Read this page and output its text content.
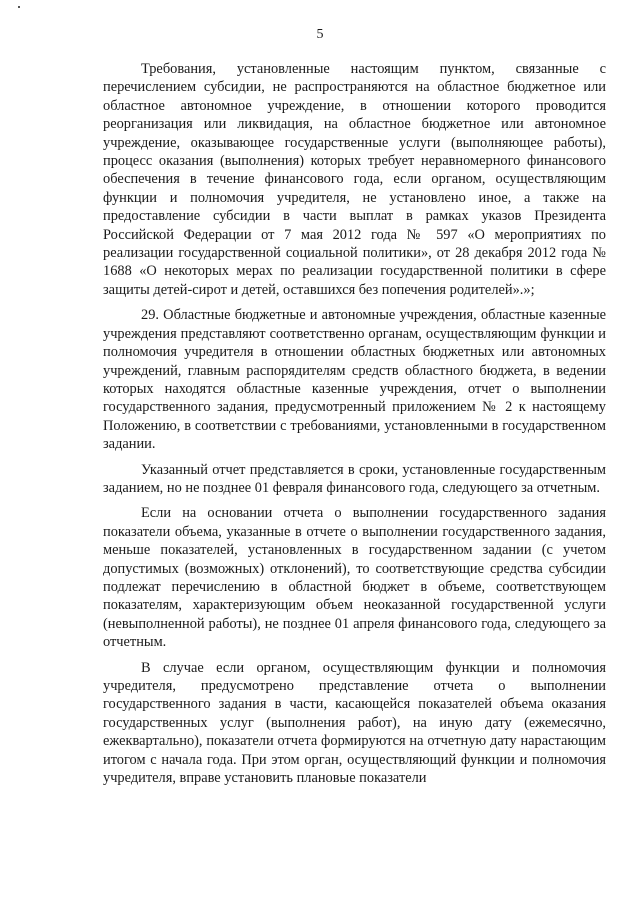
5

Требования, установленные настоящим пунктом, связанные с перечислением субсидии, не распространяются на областное бюджетное или областное автономное учреждение, в отношении которого проводится реорганизация или ликвидация, на областное бюджетное или автономное учреждение, оказывающее государственные услуги (выполняющее работы), процесс оказания (выполнения) которых требует неравномерного финансового обеспечения в течение финансового года, если органом, осуществляющим функции и полномочия учредителя, не установлено иное, а также на предоставление субсидии в части выплат в рамках указов Президента Российской Федерации от 7 мая 2012 года № 597 «О мероприятиях по реализации государственной социальной политики», от 28 декабря 2012 года № 1688 «О некоторых мерах по реализации государственной политики в сфере защиты детей-сирот и детей, оставшихся без попечения родителей».»;

29. Областные бюджетные и автономные учреждения, областные казенные учреждения представляют соответственно органам, осуществляющим функции и полномочия учредителя в отношении областных бюджетных или автономных учреждений, главным распорядителям средств областного бюджета, в ведении которых находятся областные казенные учреждения, отчет о выполнении государственного задания, предусмотренный приложением № 2 к настоящему Положению, в соответствии с требованиями, установленными в государственном задании.

Указанный отчет представляется в сроки, установленные государственным заданием, но не позднее 01 февраля финансового года, следующего за отчетным.

Если на основании отчета о выполнении государственного задания показатели объема, указанные в отчете о выполнении государственного задания, меньше показателей, установленных в государственном задании (с учетом допустимых (возможных) отклонений), то соответствующие средства субсидии подлежат перечислению в областной бюджет в объеме, соответствующем показателям, характеризующим объем неоказанной государственной услуги (невыполненной работы), не позднее 01 апреля финансового года, следующего за отчетным.

В случае если органом, осуществляющим функции и полномочия учредителя, предусмотрено представление отчета о выполнении государственного задания в части, касающейся показателей объема оказания государственных услуг (выполнения работ), на иную дату (ежемесячно, ежеквартально), показатели отчета формируются на отчетную дату нарастающим итогом с начала года. При этом орган, осуществляющий функции и полномочия учредителя, вправе установить плановые показатели
